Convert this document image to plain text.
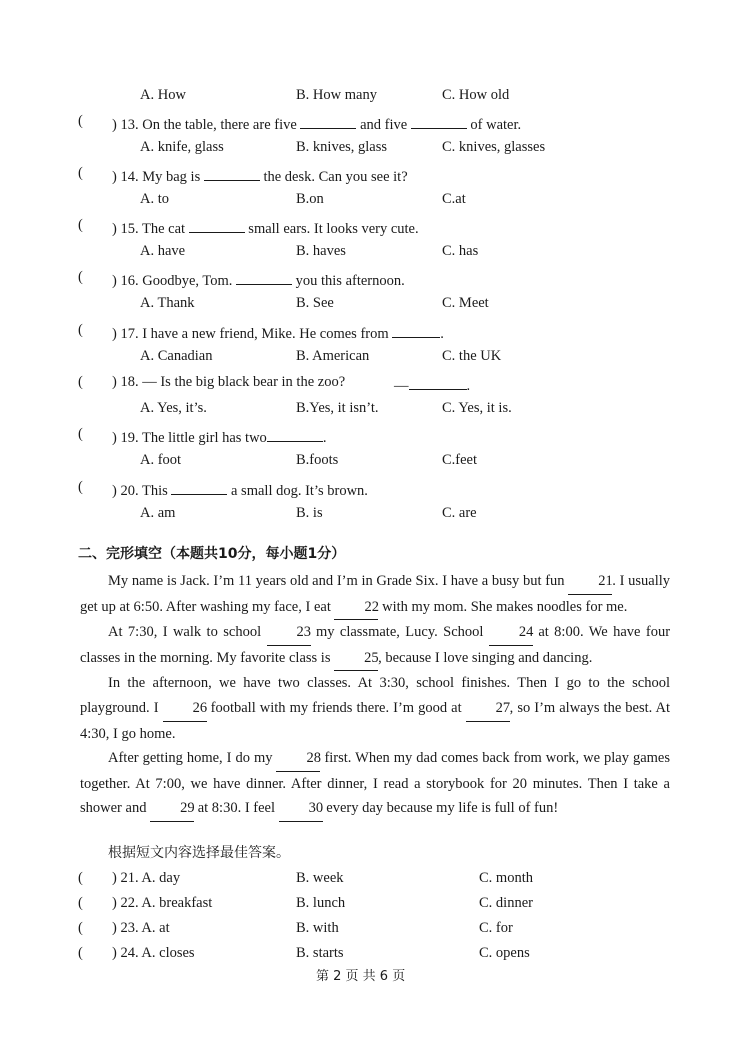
A. How	B. How many	C. How old
( ) 13. On the table, there are five	and five	of water.
A. knife, glass	B. knives, glass	C. knives, glasses
( ) 14. My bag is	the desk. Can you see it?
A. to	B.on	C.at
( ) 15. The cat	small ears. It looks very cute.
A. have	B. haves	C. has
( ) 16. Goodbye, Tom.	you this afternoon.
A. Thank	B. See	C. Meet
( ) 17. I have a new friend, Mike. He comes from	.
A. Canadian	B. American	C. the UK
( ) 18. — Is the big black bear in the zoo?	—	.
A. Yes, it’s.	B.Yes, it isn’t.	C. Yes, it is.
( ) 19. The little girl has two	.
A. foot	B.foots	C.feet
( ) 20. This	a small dog. It’s brown.
A. am	B. is	C. are
二、完形填空（本题共10分，每小题1分）

My name is Jack. I’m 11 years old and I’m in Grade Six. I have a busy but fun 21. I usually get up at 6:50. After washing my face, I eat 22 with my mom. She makes noodles for me.

At 7:30, I walk to school 23 my classmate, Lucy. School 24 at 8:00. We have four classes in the morning. My favorite class is 25, because I love singing and dancing.

In the afternoon, we have two classes. At 3:30, school finishes. Then I go to the school playground. I 26 football with my friends there. I’m good at 27, so I’m always the best. At 4:30, I go home.

After getting home, I do my 28 first. When my dad comes back from work, we play games together. At 7:00, we have dinner. After dinner, I read a storybook for 20 minutes. Then I take a shower and 29 at 8:30. I feel 30 every day because my life is full of fun!

根据短文内容选择最佳答案。
( ) 21. A. day	B. week	C. month
( ) 22. A. breakfast	B. lunch	C. dinner
( ) 23. A. at	B. with	C. for
( ) 24. A. closes	B. starts	C. opens
第 2 页 共 6 页
